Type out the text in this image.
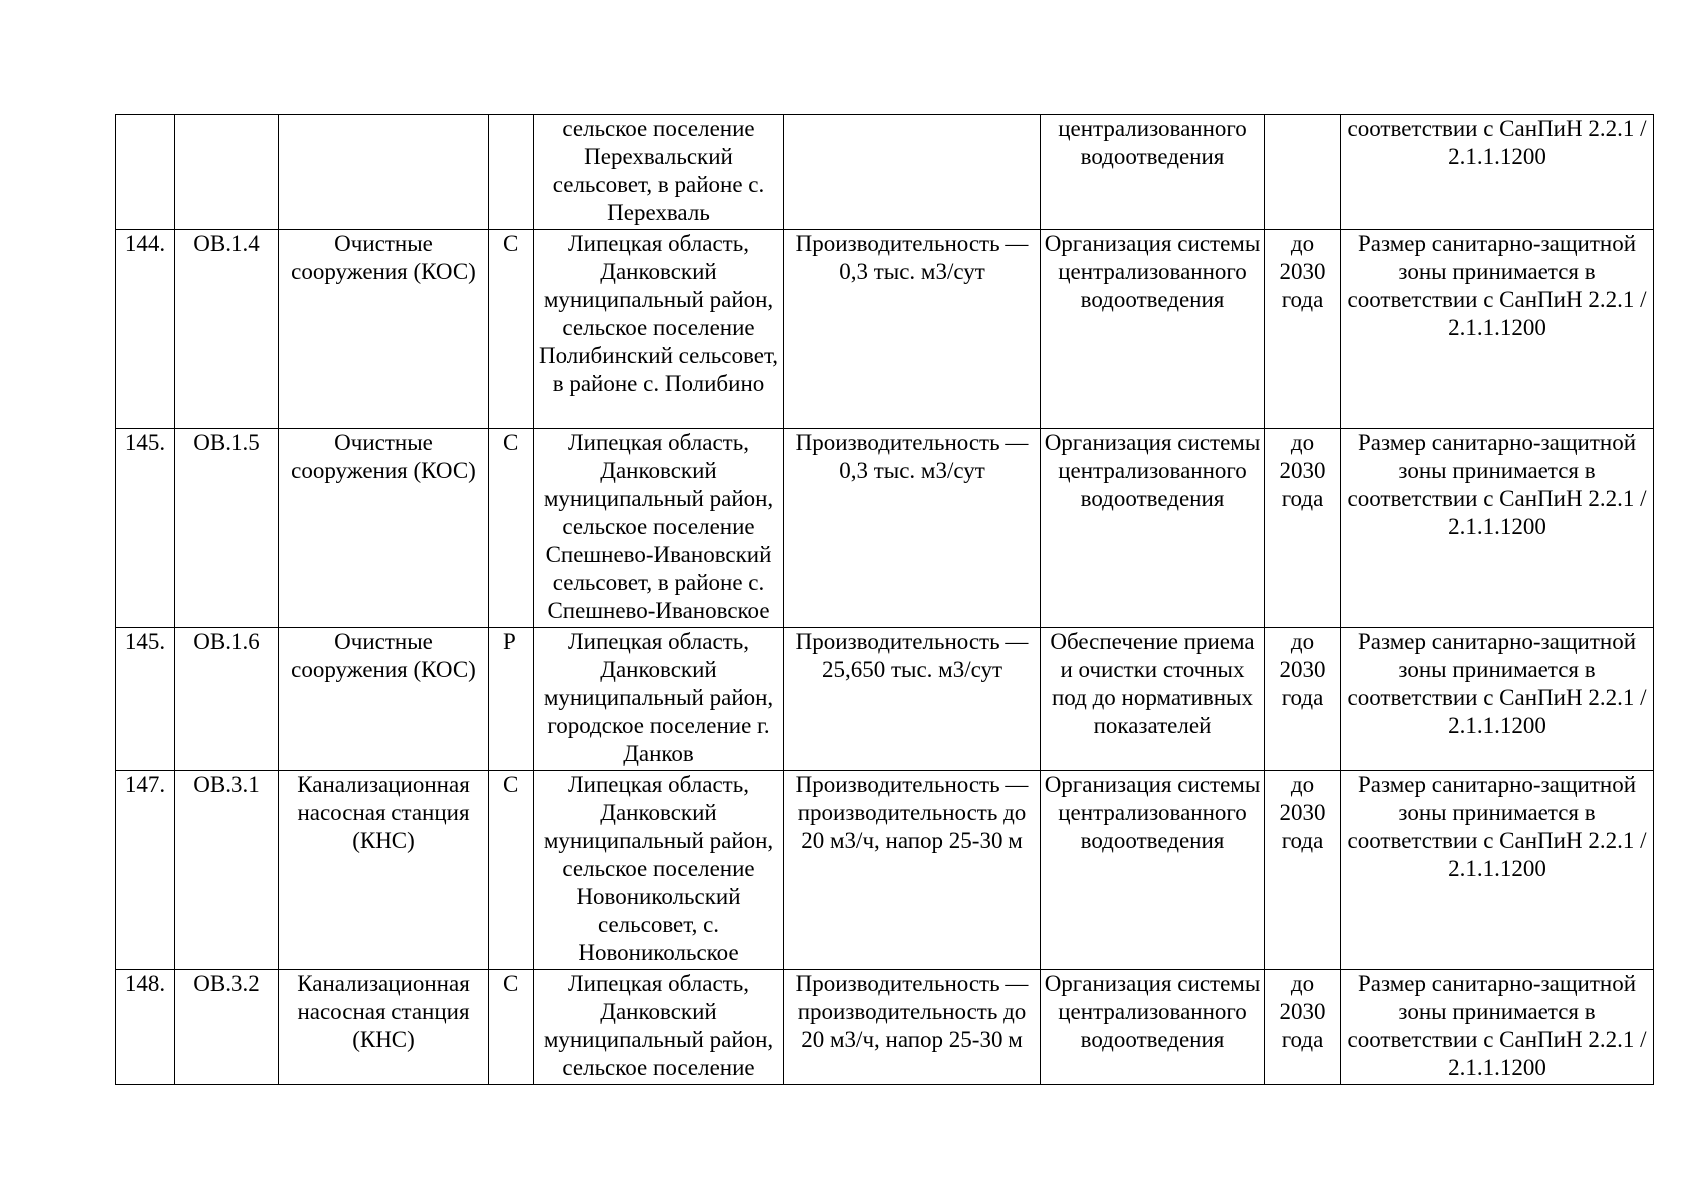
				сельское поселение Перехвальский сельсовет, в районе с. Перехваль		централизованного водоотведения		соответствии с СанПиН 2.2.1 / 2.1.1.1200
144.	ОВ.1.4	Очистные сооружения (КОС)	С	Липецкая область, Данковский муниципальный район, сельское поселение Полибинский сельсовет, в районе с. Полибино	Производительность — 0,3 тыс. м3/сут	Организация системы централизованного водоотведения	до 2030 года	Размер санитарно-защитной зоны принимается в соответствии с СанПиН 2.2.1 / 2.1.1.1200
145.	ОВ.1.5	Очистные сооружения (КОС)	С	Липецкая область, Данковский муниципальный район, сельское поселение Спешнево-Ивановский сельсовет, в районе с. Спешнево-Ивановское	Производительность — 0,3 тыс. м3/сут	Организация системы централизованного водоотведения	до 2030 года	Размер санитарно-защитной зоны принимается в соответствии с СанПиН 2.2.1 / 2.1.1.1200
145.	ОВ.1.6	Очистные сооружения (КОС)	Р	Липецкая область, Данковский муниципальный район, городское поселение г. Данков	Производительность — 25,650 тыс. м3/сут	Обеспечение приема и очистки сточных под до нормативных показателей	до 2030 года	Размер санитарно-защитной зоны принимается в соответствии с СанПиН 2.2.1 / 2.1.1.1200
147.	ОВ.3.1	Канализационная насосная станция (КНС)	С	Липецкая область, Данковский муниципальный район, сельское поселение Новоникольский сельсовет, с. Новоникольское	Производительность — производительность до 20 м3/ч, напор 25-30 м	Организация системы централизованного водоотведения	до 2030 года	Размер санитарно-защитной зоны принимается в соответствии с СанПиН 2.2.1 / 2.1.1.1200
148.	ОВ.3.2	Канализационная насосная станция (КНС)	С	Липецкая область, Данковский муниципальный район, сельское поселение	Производительность — производительность до 20 м3/ч, напор 25-30 м	Организация системы централизованного водоотведения	до 2030 года	Размер санитарно-защитной зоны принимается в соответствии с СанПиН 2.2.1 / 2.1.1.1200
